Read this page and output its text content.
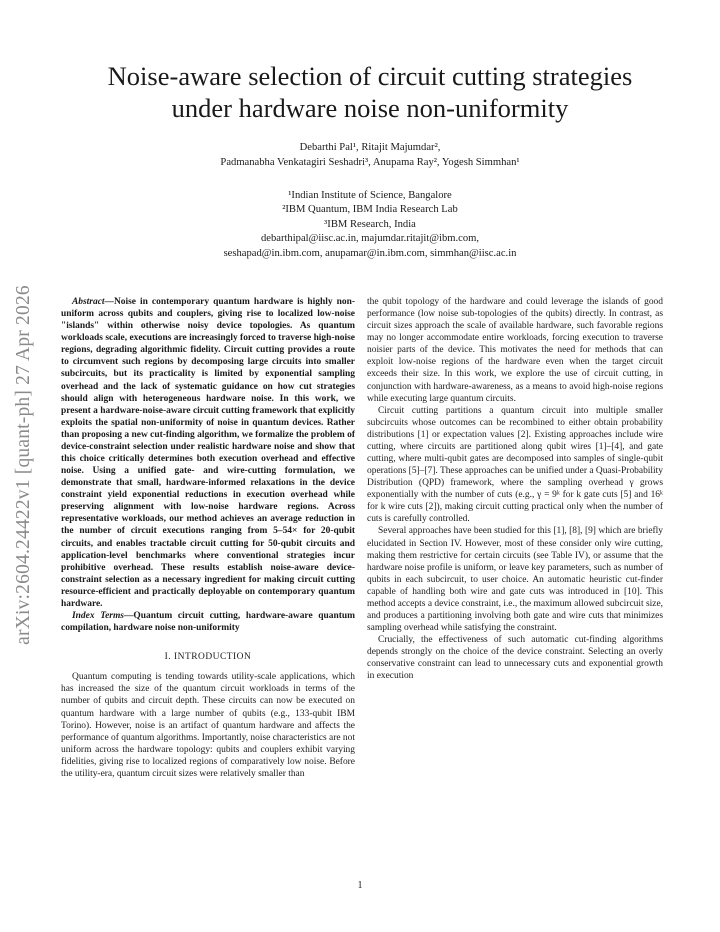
arXiv:2604.24422v1 [quant-ph] 27 Apr 2026
Noise-aware selection of circuit cutting strategies
under hardware noise non-uniformity
Debarthi Pal¹, Ritajit Majumdar²,
Padmanabha Venkatagiri Seshadri³, Anupama Ray², Yogesh Simmhan¹
¹Indian Institute of Science, Bangalore
²IBM Quantum, IBM India Research Lab
³IBM Research, India
debarthipal@iisc.ac.in, majumdar.ritajit@ibm.com,
seshapad@in.ibm.com, anupamar@in.ibm.com, simmhan@iisc.ac.in

Abstract—Noise in contemporary quantum hardware is highly non-uniform across qubits and couplers, giving rise to localized low-noise "islands" within otherwise noisy device topologies. As quantum workloads scale, executions are increasingly forced to traverse high-noise regions, degrading algorithmic fidelity. Circuit cutting provides a route to circumvent such regions by decomposing large circuits into smaller subcircuits, but its practicality is limited by exponential sampling overhead and the lack of systematic guidance on how cut strategies should align with heterogeneous hardware noise. In this work, we present a hardware-noise-aware circuit cutting framework that explicitly exploits the spatial non-uniformity of noise in quantum devices. Rather than proposing a new cut-finding algorithm, we formalize the problem of device-constraint selection under realistic hardware noise and show that this choice critically determines both execution overhead and effective noise. Using a unified gate- and wire-cutting formulation, we demonstrate that small, hardware-informed relaxations in the device constraint yield exponential reductions in execution overhead while preserving alignment with low-noise hardware regions. Across representative workloads, our method achieves an average reduction in the number of circuit executions ranging from 5–54× for 20-qubit circuits, and enables tractable circuit cutting for 50-qubit circuits and application-level benchmarks where conventional strategies incur prohibitive overhead. These results establish noise-aware device-constraint selection as a necessary ingredient for making circuit cutting resource-efficient and practically deployable on contemporary quantum hardware.

Index Terms—Quantum circuit cutting, hardware-aware quantum compilation, hardware noise non-uniformity

I. INTRODUCTION

Quantum computing is tending towards utility-scale applications, which has increased the size of the quantum circuit workloads in terms of the number of qubits and circuit depth. These circuits can now be executed on quantum hardware with a large number of qubits (e.g., 133-qubit IBM Torino). However, noise is an artifact of quantum hardware and affects the performance of quantum algorithms. Importantly, noise characteristics are not uniform across the hardware topology: qubits and couplers exhibit varying fidelities, giving rise to localized regions of comparatively low noise. Before the utility-era, quantum circuit sizes were relatively smaller than

the qubit topology of the hardware and could leverage the islands of good performance (low noise sub-topologies of the qubits) directly. In contrast, as circuit sizes approach the scale of available hardware, such favorable regions may no longer accommodate entire workloads, forcing execution to traverse noisier parts of the device. This motivates the need for methods that can exploit low-noise regions of the hardware even when the target circuit exceeds their size. In this work, we explore the use of circuit cutting, in conjunction with hardware-awareness, as a means to avoid high-noise regions while executing large quantum circuits.

Circuit cutting partitions a quantum circuit into multiple smaller subcircuits whose outcomes can be recombined to either obtain probability distributions [1] or expectation values [2]. Existing approaches include wire cutting, where circuits are partitioned along qubit wires [1]–[4], and gate cutting, where multi-qubit gates are decomposed into samples of single-qubit operations [5]–[7]. These approaches can be unified under a Quasi-Probability Distribution (QPD) framework, where the sampling overhead γ grows exponentially with the number of cuts (e.g., γ = 9ᵏ for k gate cuts [5] and 16ᵏ for k wire cuts [2]), making circuit cutting practical only when the number of cuts is carefully controlled.

Several approaches have been studied for this [1], [8], [9] which are briefly elucidated in Section IV. However, most of these consider only wire cutting, making them restrictive for certain circuits (see Table IV), or assume that the hardware noise profile is uniform, or leave key parameters, such as number of qubits in each subcircuit, to user choice. An automatic heuristic cut-finder capable of handling both wire and gate cuts was introduced in [10]. This method accepts a device constraint, i.e., the maximum allowed subcircuit size, and produces a partitioning involving both gate and wire cuts that minimizes sampling overhead while satisfying the constraint.

Crucially, the effectiveness of such automatic cut-finding algorithms depends strongly on the choice of the device constraint. Selecting an overly conservative constraint can lead to unnecessary cuts and exponential growth in execution

1
